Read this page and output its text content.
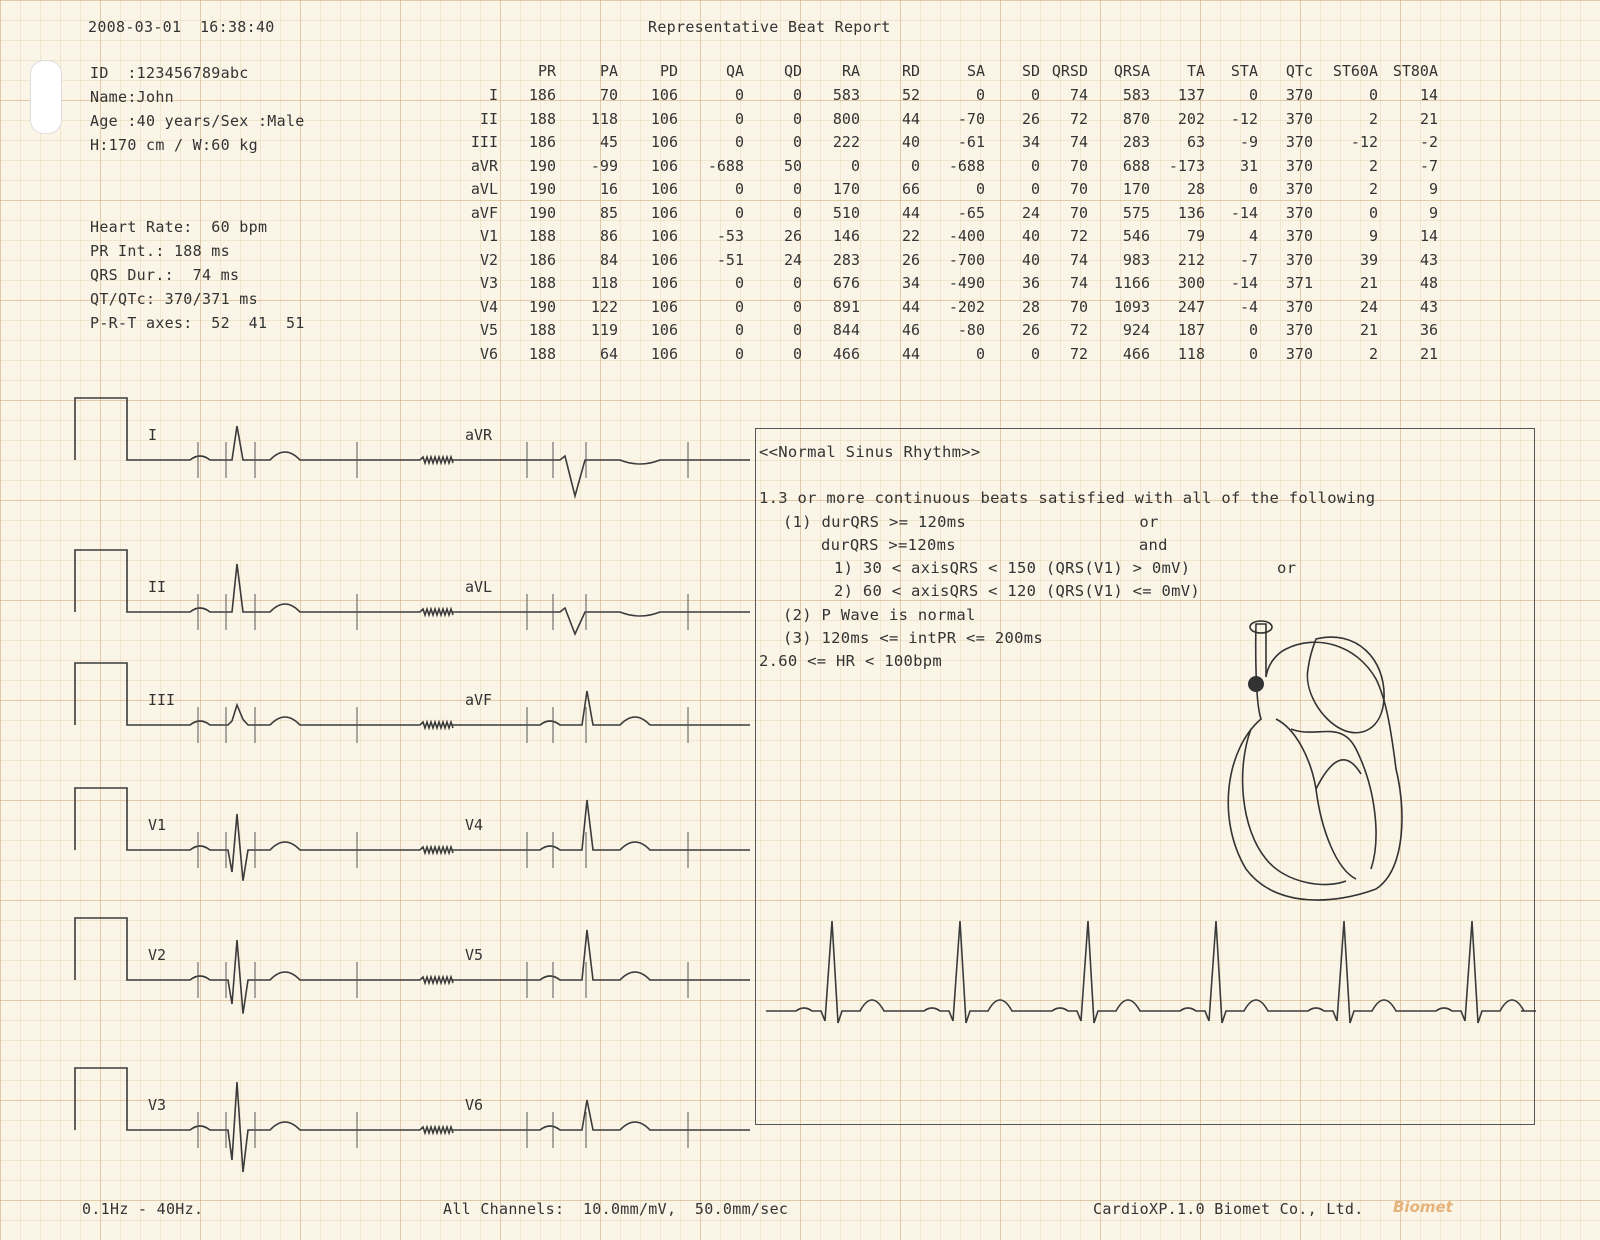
2008-03-01  16:38:40	Representative Beat Report
ID  :123456789abc
Name:John
Age :40 years/Sex :Male
H:170 cm / W:60 kg
Heart Rate:  60 bpm
PR Int.: 188 ms
QRS Dur.:  74 ms
QT/QTc: 370/371 ms
P-R-T axes:  52  41  51
	PR	PA	PD	QA	QD	RA	RD	SA	SD	QRSD	QRSA	TA	STA	QTc	ST60A	ST80A
I	186	70	106	0	0	583	52	0	0	74	583	137	0	370	0	14
II	188	118	106	0	0	800	44	-70	26	72	870	202	-12	370	2	21
III	186	45	106	0	0	222	40	-61	34	74	283	63	-9	370	-12	-2
aVR	190	-99	106	-688	50	0	0	-688	0	70	688	-173	31	370	2	-7
aVL	190	16	106	0	0	170	66	0	0	70	170	28	0	370	2	9
aVF	190	85	106	0	0	510	44	-65	24	70	575	136	-14	370	0	9
V1	188	86	106	-53	26	146	22	-400	40	72	546	79	4	370	9	14
V2	186	84	106	-51	24	283	26	-700	40	74	983	212	-7	370	39	43
V3	188	118	106	0	0	676	34	-490	36	74	1166	300	-14	371	21	48
V4	190	122	106	0	0	891	44	-202	28	70	1093	247	-4	370	24	43
V5	188	119	106	0	0	844	46	-80	26	72	924	187	0	370	21	36
V6	188	64	106	0	0	466	44	0	0	72	466	118	0	370	2	21
I	aVR
II	aVL
III	aVF
V1	V4
V2	V5
V3	V6
<<Normal Sinus Rhythm>>
1.3 or more continuous beats satisfied with all of the following
(1) durQRS >= 120ms                  or
durQRS >=120ms                   and
1) 30 < axisQRS < 150 (QRS(V1) > 0mV)         or
2) 60 < axisQRS < 120 (QRS(V1) <= 0mV)
(2) P Wave is normal
(3) 120ms <= intPR <= 200ms
2.60 <= HR < 100bpm
0.1Hz - 40Hz.	All Channels:  10.0mm/mV,  50.0mm/sec	CardioXP.1.0 Biomet Co., Ltd. Biomet
